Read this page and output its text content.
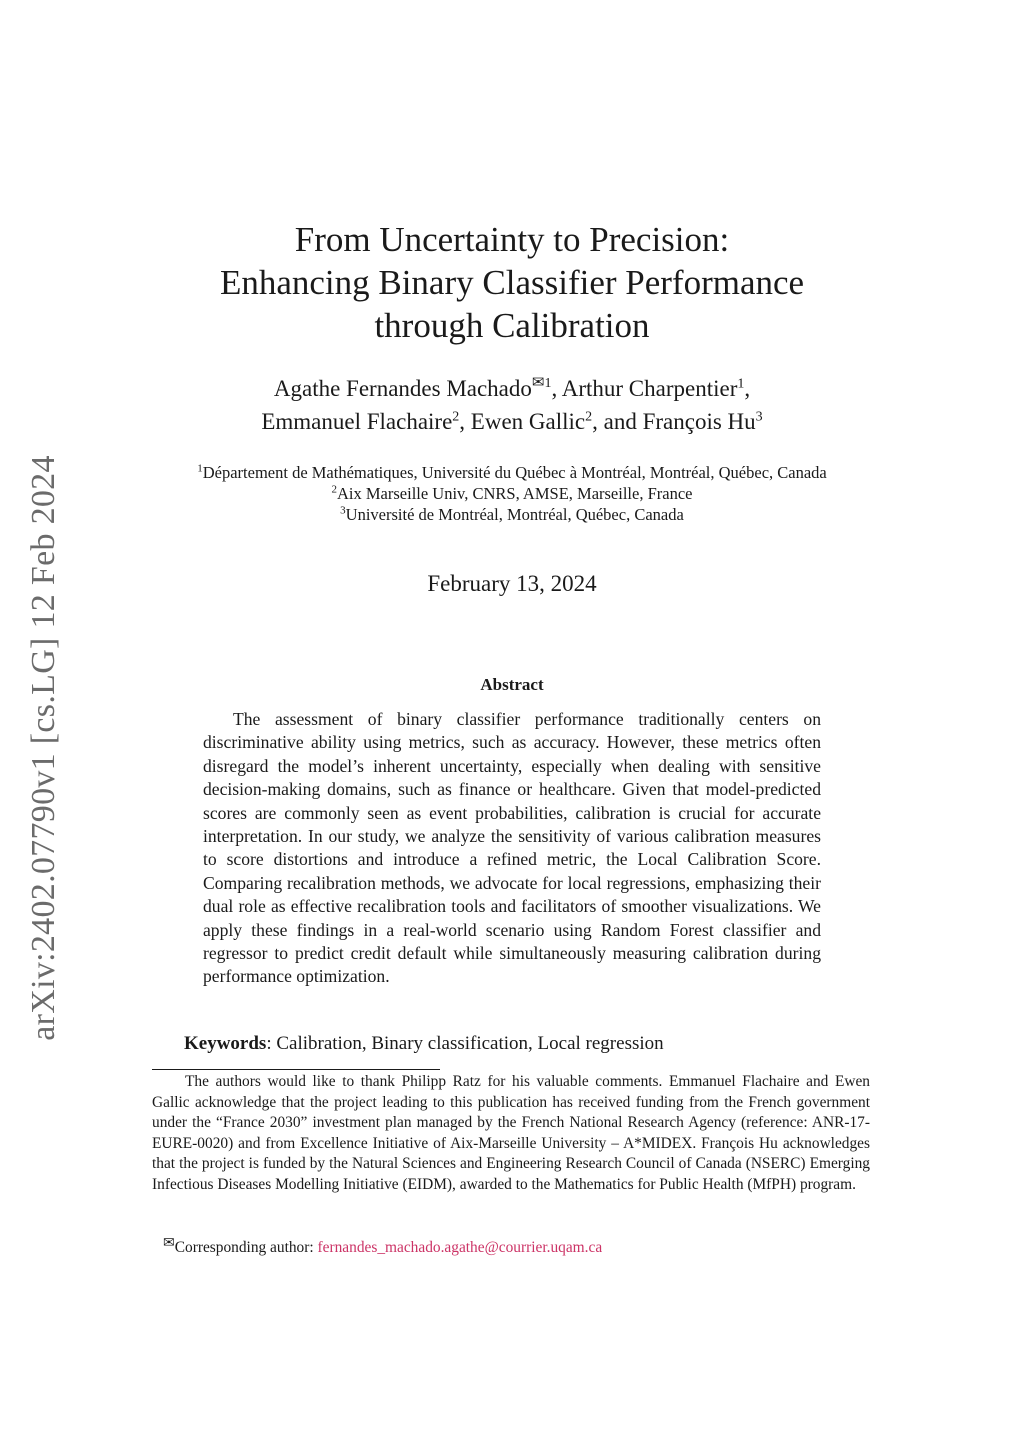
arXiv:2402.07790v1 [cs.LG] 12 Feb 2024
From Uncertainty to Precision:
Enhancing Binary Classifier Performance
through Calibration
Agathe Fernandes Machado$^{✉1}$, Arthur Charpentier$^1$,
Emmanuel Flachaire$^2$, Ewen Gallic$^2$, and François Hu$^3$
$^1$Département de Mathématiques, Université du Québec à Montréal, Montréal, Québec, Canada
$^2$Aix Marseille Univ, CNRS, AMSE, Marseille, France
$^3$Université de Montréal, Montréal, Québec, Canada
February 13, 2024
Abstract
The assessment of binary classifier performance traditionally centers on discriminative ability using metrics, such as accuracy. However, these metrics often disregard the model’s inherent uncertainty, especially when dealing with sensitive decision-making domains, such as finance or healthcare. Given that model-predicted scores are commonly seen as event probabilities, calibration is crucial for accurate interpretation. In our study, we analyze the sensitivity of various calibration measures to score distortions and introduce a refined metric, the Local Calibration Score. Comparing recalibration methods, we advocate for local regressions, emphasizing their dual role as effective recalibration tools and facilitators of smoother visualizations. We apply these findings in a real-world scenario using Random Forest classifier and regressor to predict credit default while simultaneously measuring calibration during performance optimization.
Keywords: Calibration, Binary classification, Local regression
The authors would like to thank Philipp Ratz for his valuable comments. Emmanuel Flachaire and Ewen Gallic acknowledge that the project leading to this publication has received funding from the French government under the “France 2030” investment plan managed by the French National Research Agency (reference: ANR-17-EURE-0020) and from Excellence Initiative of Aix-Marseille University – A*MIDEX. François Hu acknowledges that the project is funded by the Natural Sciences and Engineering Research Council of Canada (NSERC) Emerging Infectious Diseases Modelling Initiative (EIDM), awarded to the Mathematics for Public Health (MfPH) program.
✉Corresponding author: fernandes_machado.agathe@courrier.uqam.ca
